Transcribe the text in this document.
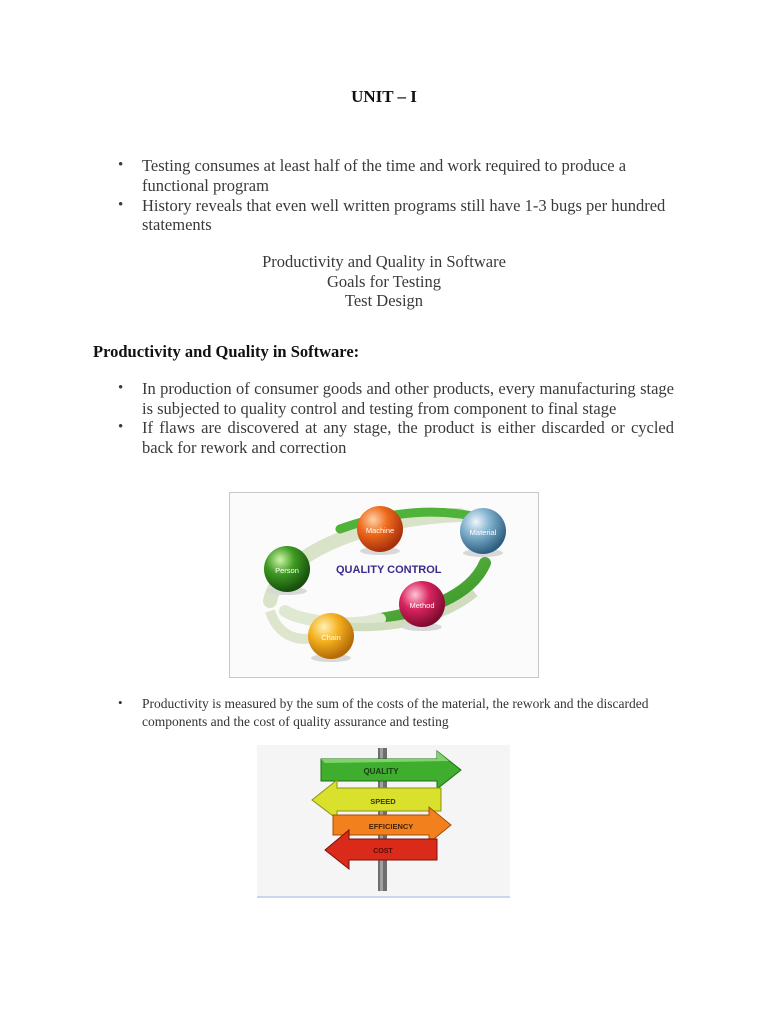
UNIT – I
• Testing consumes at least half of the time and work required to produce a functional program
• History reveals that even well written programs still have 1-3 bugs per hundred statements
Productivity and Quality in Software
Goals for Testing
Test Design
Productivity and Quality in Software:
• In production of consumer goods and other products, every manufacturing stage is subjected to quality control and testing from component to final stage
• If flaws are discovered at any stage, the product is either discarded or cycled back for rework and correction
QUALITY CONTROL
Machine	Material
Person
Method
Chain
• Productivity is measured by the sum of the costs of the material, the rework and the discarded components and the cost of quality assurance and testing
QUALITY
SPEED
EFFICIENCY
COST
